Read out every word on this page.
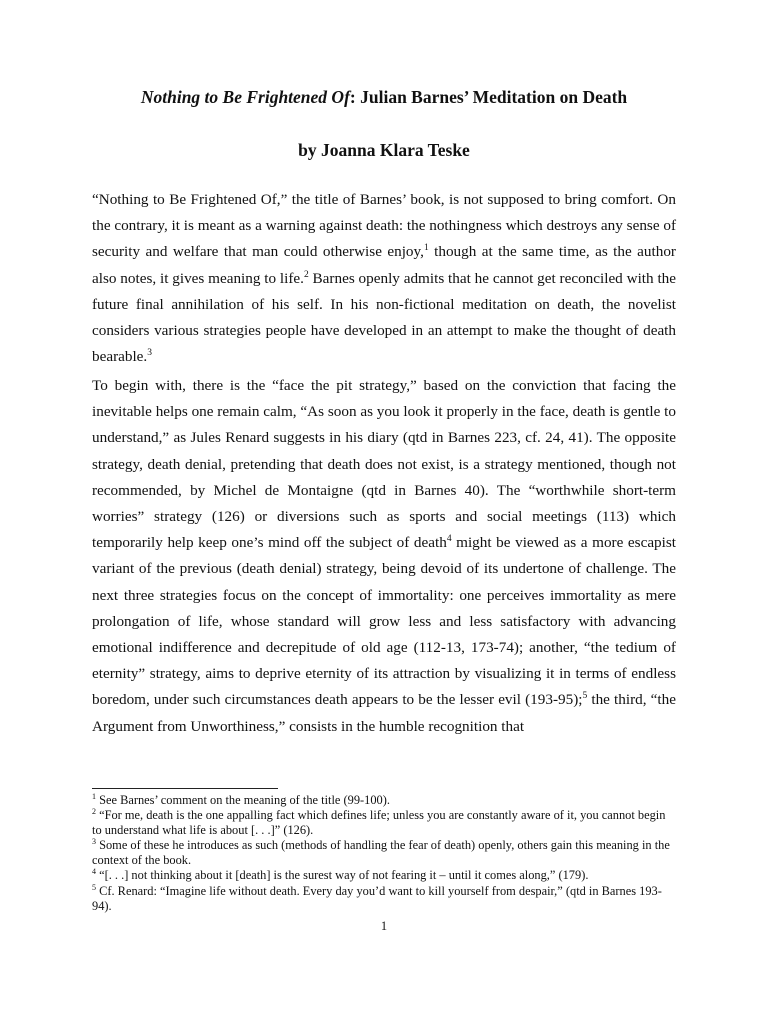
Nothing to Be Frightened Of: Julian Barnes’ Meditation on Death
by Joanna Klara Teske

“Nothing to Be Frightened Of,” the title of Barnes’ book, is not supposed to bring comfort. On the contrary, it is meant as a warning against death: the nothingness which destroys any sense of security and welfare that man could otherwise enjoy,$^1$ though at the same time, as the author also notes, it gives meaning to life.$^2$ Barnes openly admits that he cannot get reconciled with the future final annihilation of his self. In his non-fictional meditation on death, the novelist considers various strategies people have developed in an attempt to make the thought of death bearable.$^3$

To begin with, there is the “face the pit strategy,” based on the conviction that facing the inevitable helps one remain calm, “As soon as you look it properly in the face, death is gentle to understand,” as Jules Renard suggests in his diary (qtd in Barnes 223, cf. 24, 41). The opposite strategy, death denial, pretending that death does not exist, is a strategy mentioned, though not recommended, by Michel de Montaigne (qtd in Barnes 40). The “worthwhile short-term worries” strategy (126) or diversions such as sports and social meetings (113) which temporarily help keep one’s mind off the subject of death$^4$ might be viewed as a more escapist variant of the previous (death denial) strategy, being devoid of its undertone of challenge. The next three strategies focus on the concept of immortality: one perceives immortality as mere prolongation of life, whose standard will grow less and less satisfactory with advancing emotional indifference and decrepitude of old age (112-13, 173-74); another, “the tedium of eternity” strategy, aims to deprive eternity of its attraction by visualizing it in terms of endless boredom, under such circumstances death appears to be the lesser evil (193-95);$^5$ the third, “the Argument from Unworthiness,” consists in the humble recognition that

$^1$ See Barnes’ comment on the meaning of the title (99-100).

$^2$ “For me, death is the one appalling fact which defines life; unless you are constantly aware of it, you cannot begin to understand what life is about [. . .]” (126).

$^3$ Some of these he introduces as such (methods of handling the fear of death) openly, others gain this meaning in the context of the book.

$^4$ “[. . .] not thinking about it [death] is the surest way of not fearing it – until it comes along,” (179).

$^5$ Cf. Renard: “Imagine life without death. Every day you’d want to kill yourself from despair,” (qtd in Barnes 193-94).

1
